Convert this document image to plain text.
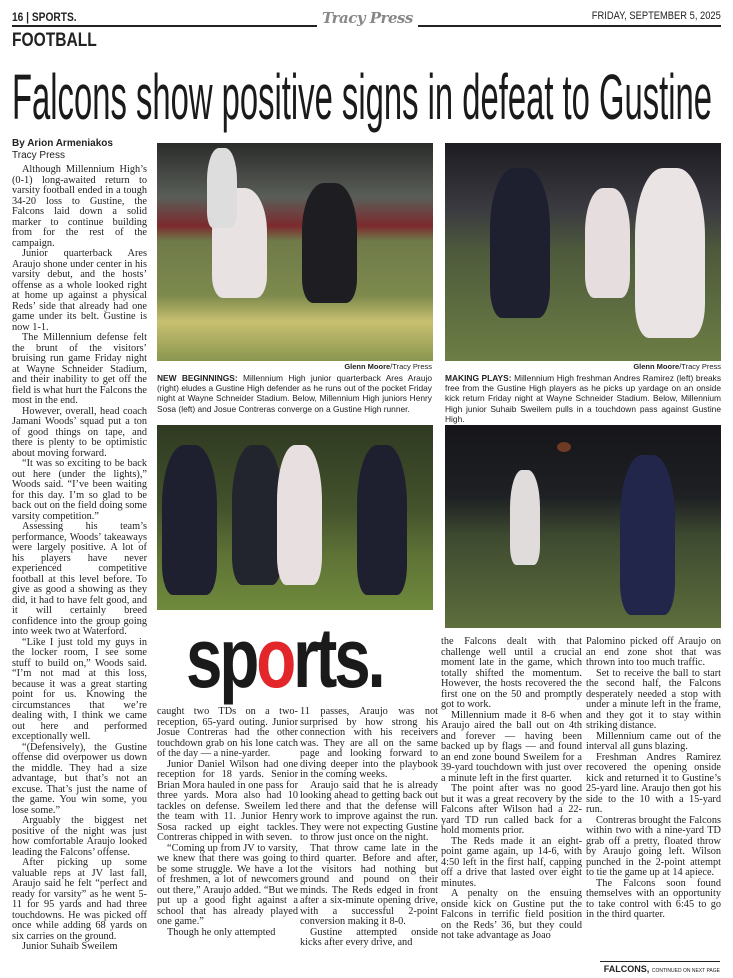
16 | SPORTS.	Tracy Press	FRIDAY, SEPTEMBER 5, 2025
FOOTBALL
Falcons show positive signs in defeat to Gustine
By Arion Armeniakos
Tracy Press
Glenn Moore/Tracy Press
NEW BEGINNINGS: Millennium High junior quarterback Ares Araujo (right) eludes a Gustine High defender as he runs out of the pocket Friday night at Wayne Schneider Stadium. Below, Millennium High juniors Henry Sosa (left) and Josue Contreras converge on a Gustine High runner.
Glenn Moore/Tracy Press
MAKING PLAYS: Millennium High freshman Andres Ramirez (left) breaks free from the Gustine High players as he picks up yardage on an onside kick return Friday night at Wayne Schneider Stadium. Below, Millennium High junior Suhaib Sweilem pulls in a touchdown pass against Gustine High.
sports.

Although Millennium High’s (0-1) long-awaited return to varsity football ended in a tough 34-20 loss to Gustine, the Falcons laid down a solid marker to continue building from for the rest of the campaign.

Junior quarterback Ares Araujo shone under center in his varsity debut, and the hosts’ offense as a whole looked right at home up against a physical Reds’ side that already had one game under its belt. Gustine is now 1-1.

The Millennium defense felt the brunt of the visitors’ bruising run game Friday night at Wayne Schneider Stadium, and their inability to get off the field is what hurt the Falcons the most in the end.

However, overall, head coach Jamani Woods’ squad put a ton of good things on tape, and there is plenty to be optimistic about moving forward.

“It was so exciting to be back out here (under the lights),” Woods said. “I’ve been waiting for this day. I’m so glad to be back out on the field doing some varsity competition.”

Assessing his team’s performance, Woods’ takeaways were largely positive. A lot of his players have never experienced competitive football at this level before. To give as good a showing as they did, it had to have felt good, and it will certainly breed confidence into the group going into week two at Waterford.

“Like I just told my guys in the locker room, I see some stuff to build on,” Woods said. “I’m not mad at this loss, because it was a great starting point for us. Knowing the circumstances that we’re dealing with, I think we came out here and performed exceptionally well.

“(Defensively), the Gustine offense did overpower us down the middle. They had a size advantage, but that’s not an excuse. That’s just the name of the game. You win some, you lose some.”

Arguably the biggest net positive of the night was just how comfortable Araujo looked leading the Falcons’ offense.

After picking up some valuable reps at JV last fall, Araujo said he felt “perfect and ready for varsity” as he went 5-11 for 95 yards and had three touchdowns. He was picked off once while adding 68 yards on six carries on the ground.

Junior Suhaib Sweilem

caught two TDs on a two-reception, 65-yard outing. Junior Josue Contreras had the other touchdown grab on his lone catch of the day — a nine-yarder.

Junior Daniel Wilson had one reception for 18 yards. Senior Brian Mora hauled in one pass for three yards. Mora also had 10 tackles on defense. Sweilem led the team with 11. Junior Henry Sosa racked up eight tackles. Contreras chipped in with seven.

“Coming up from JV to varsity, we knew that there was going to be some struggle. We have a lot of freshmen, a lot of newcomers out there,” Araujo added. “But we put up a good fight against a school that has already played one game.”

Though he only attempted

11 passes, Araujo was not surprised by how strong his connection with his receivers was. They are all on the same page and looking forward to diving deeper into the playbook in the coming weeks.

Araujo said that he is already looking ahead to getting back out there and that the defense will work to improve against the run. They were not expecting Gustine to throw just once on the night.

That throw came late in the third quarter. Before and after, the visitors had nothing but ground and pound on their minds. The Reds edged in front after a six-minute opening drive, with a successful 2-point conversion making it 8-0.

Gustine attempted onside kicks after every drive, and

the Falcons dealt with that challenge well until a crucial moment late in the game, which totally shifted the momentum. However, the hosts recovered the first one on the 50 and promptly got to work.

Millennium made it 8-6 when Araujo aired the ball out on 4th and forever — having been backed up by flags — and found an end zone bound Sweilem for a 39-yard touchdown with just over a minute left in the first quarter.

The point after was no good but it was a great recovery by the Falcons after Wilson had a 22-yard TD run called back for a hold moments prior.

The Reds made it an eight-point game again, up 14-6, with 4:50 left in the first half, capping off a drive that lasted over eight minutes.

A penalty on the ensuing onside kick on Gustine put the Falcons in terrific field position on the Reds’ 36, but they could not take advantage as Joao

Palomino picked off Araujo on an end zone shot that was thrown into too much traffic.

Set to receive the ball to start the second half, the Falcons desperately needed a stop with under a minute left in the frame, and they got it to stay within striking distance.

Millennium came out of the interval all guns blazing.

Freshman Andres Ramirez recovered the opening onside kick and returned it to Gustine’s 25-yard line. Araujo then got his side to the 10 with a 15-yard run.

Contreras brought the Falcons within two with a nine-yard TD grab off a pretty, floated throw by Araujo going left. Wilson punched in the 2-point attempt to tie the game up at 14 apiece.

The Falcons soon found themselves with an opportunity to take control with 6:45 to go in the third quarter.

FALCONS, CONTINUED ON NEXT PAGE
